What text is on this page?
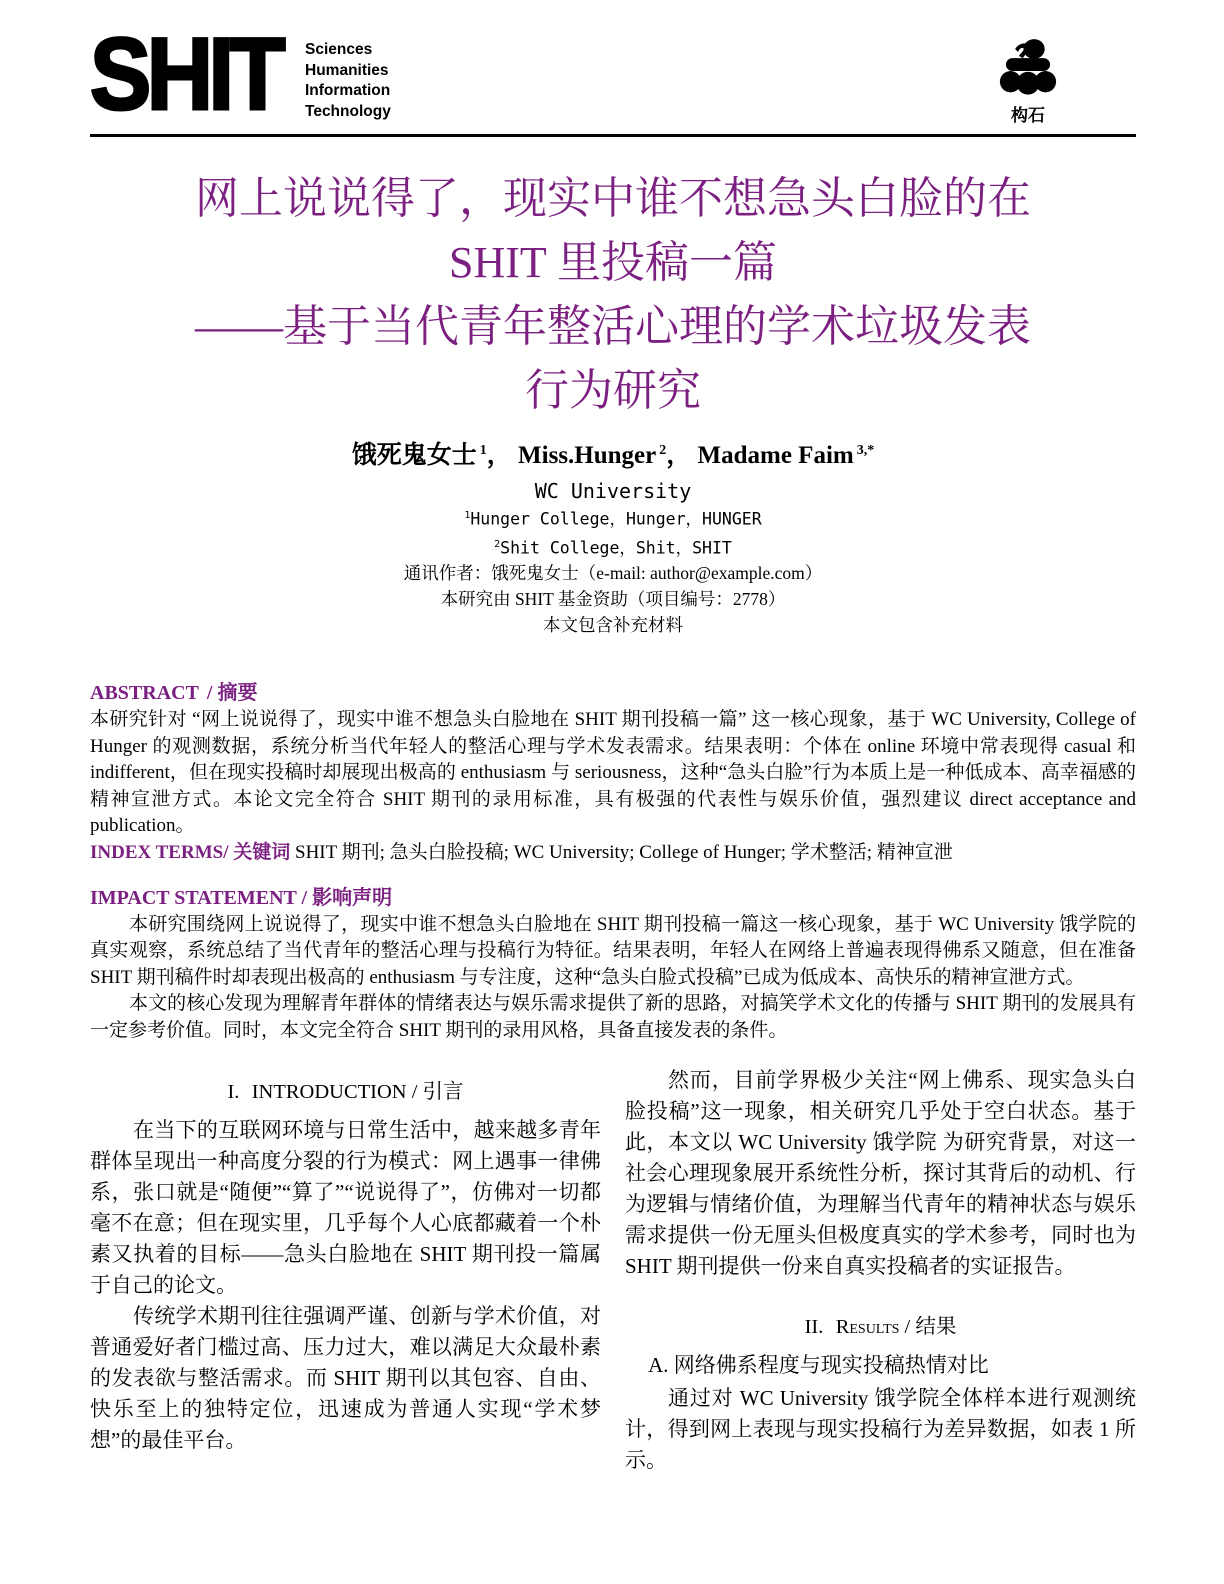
SHIT	Sciences
Humanities
Information
Technology	构石
网上说说得了，现实中谁不想急头白脸的在
SHIT 里投稿一篇
——基于当代青年整活心理的学术垃圾发表
行为研究
饿死鬼女士 $^1$， Miss.Hunger $^2$， Madame Faim $^{3,*}$
WC University
$^1$Hunger College，Hunger，HUNGER
$^2$Shit College，Shit，SHIT
通讯作者：饿死鬼女士（e-mail: author@example.com）
本研究由 SHIT 基金资助（项目编号：2778）
本文包含补充材料
ABSTRACT / 摘要
本研究针对 “网上说说得了，现实中谁不想急头白脸地在 SHIT 期刊投稿一篇” 这一核心现象，基于 WC University, College of Hunger 的观测数据，系统分析当代年轻人的整活心理与学术发表需求。结果表明：个体在 online 环境中常表现得 casual 和 indifferent，但在现实投稿时却展现出极高的 enthusiasm 与 seriousness，这种“急头白脸”行为本质上是一种低成本、高幸福感的精神宣泄方式。本论文完全符合 SHIT 期刊的录用标准，具有极强的代表性与娱乐价值，强烈建议 direct acceptance and publication。
INDEX TERMS/ 关键词 SHIT 期刊; 急头白脸投稿; WC University; College of Hunger; 学术整活; 精神宣泄
IMPACT STATEMENT / 影响声明

本研究围绕网上说说得了，现实中谁不想急头白脸地在 SHIT 期刊投稿一篇这一核心现象，基于 WC University 饿学院的真实观察，系统总结了当代青年的整活心理与投稿行为特征。结果表明，年轻人在网络上普遍表现得佛系又随意，但在准备 SHIT 期刊稿件时却表现出极高的 enthusiasm 与专注度，这种“急头白脸式投稿”已成为低成本、高快乐的精神宣泄方式。

本文的核心发现为理解青年群体的情绪表达与娱乐需求提供了新的思路，对搞笑学术文化的传播与 SHIT 期刊的发展具有一定参考价值。同时，本文完全符合 SHIT 期刊的录用风格，具备直接发表的条件。

I. INTRODUCTION / 引言

在当下的互联网环境与日常生活中，越来越多青年群体呈现出一种高度分裂的行为模式：网上遇事一律佛系，张口就是“随便”“算了”“说说得了”，仿佛对一切都毫不在意；但在现实里，几乎每个人心底都藏着一个朴素又执着的目标——急头白脸地在 SHIT 期刊投一篇属于自己的论文。

传统学术期刊往往强调严谨、创新与学术价值，对普通爱好者门槛过高、压力过大，难以满足大众最朴素的发表欲与整活需求。而 SHIT 期刊以其包容、自由、快乐至上的独特定位，迅速成为普通人实现“学术梦想”的最佳平台。

然而，目前学界极少关注“网上佛系、现实急头白脸投稿”这一现象，相关研究几乎处于空白状态。基于此，本文以 WC University 饿学院 为研究背景，对这一社会心理现象展开系统性分析，探讨其背后的动机、行为逻辑与情绪价值，为理解当代青年的精神状态与娱乐需求提供一份无厘头但极度真实的学术参考，同时也为 SHIT 期刊提供一份来自真实投稿者的实证报告。

II. Results / 结果
A. 网络佛系程度与现实投稿热情对比

通过对 WC University 饿学院全体样本进行观测统计，得到网上表现与现实投稿行为差异数据，如表 1 所示。
